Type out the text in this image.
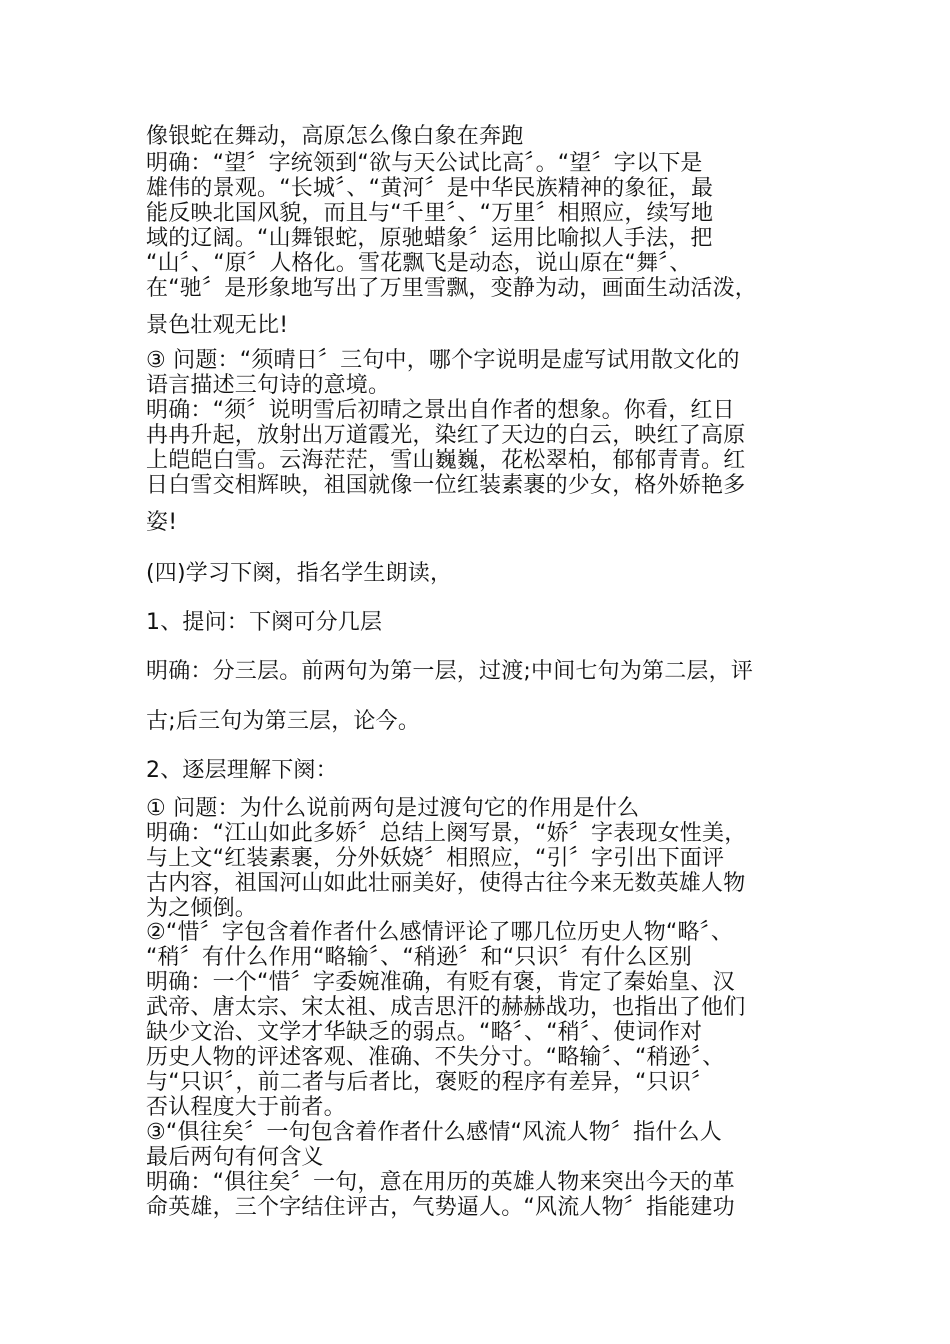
像银蛇在舞动，高原怎么像白象在奔跑

明确：“望〞字统领到“欲与天公试比高〞。“望〞字以下是

雄伟的景观。“长城〞、“黄河〞是中华民族精神的象征，最

能反映北国风貌，而且与“千里〞、“万里〞相照应，续写地

域的辽阔。“山舞银蛇，原驰蜡象〞运用比喻拟人手法，把

“山〞、“原〞人格化。雪花飘飞是动态，说山原在“舞〞、

在“驰〞是形象地写出了万里雪飘，变静为动，画面生动活泼，

景色壮观无比!

③ 问题：“须晴日〞三句中，哪个字说明是虚写试用散文化的

语言描述三句诗的意境。

明确：“须〞说明雪后初晴之景出自作者的想象。你看，红日

冉冉升起，放射出万道霞光，染红了天边的白云，映红了高原

上皑皑白雪。云海茫茫，雪山巍巍，花松翠柏，郁郁青青。红

日白雪交相辉映，祖国就像一位红装素裹的少女，格外娇艳多

姿!

(四)学习下阕，指名学生朗读，

1、提问：下阕可分几层

明确：分三层。前两句为第一层，过渡;中间七句为第二层，评

古;后三句为第三层，论今。

2、逐层理解下阕：

① 问题：为什么说前两句是过渡句它的作用是什么

明确：“江山如此多娇〞总结上阕写景，“娇〞字表现女性美，

与上文“红装素裹，分外妖娆〞相照应，“引〞字引出下面评

古内容，祖国河山如此壮丽美好，使得古往今来无数英雄人物

为之倾倒。

②“惜〞字包含着作者什么感情评论了哪几位历史人物“略〞、

“稍〞有什么作用“略输〞、“稍逊〞和“只识〞有什么区别

明确：一个“惜〞字委婉准确，有贬有褒，肯定了秦始皇、汉

武帝、唐太宗、宋太祖、成吉思汗的赫赫战功，也指出了他们

缺少文治、文学才华缺乏的弱点。“略〞、“稍〞、使词作对

历史人物的评述客观、准确、不失分寸。“略输〞、“稍逊〞、

与“只识〞，前二者与后者比，褒贬的程序有差异，“只识〞

否认程度大于前者。

③“俱往矣〞一句包含着作者什么感情“风流人物〞指什么人

最后两句有何含义

明确：“俱往矣〞一句，意在用历的英雄人物来突出今天的革

命英雄，三个字结住评古，气势逼人。“风流人物〞指能建功
